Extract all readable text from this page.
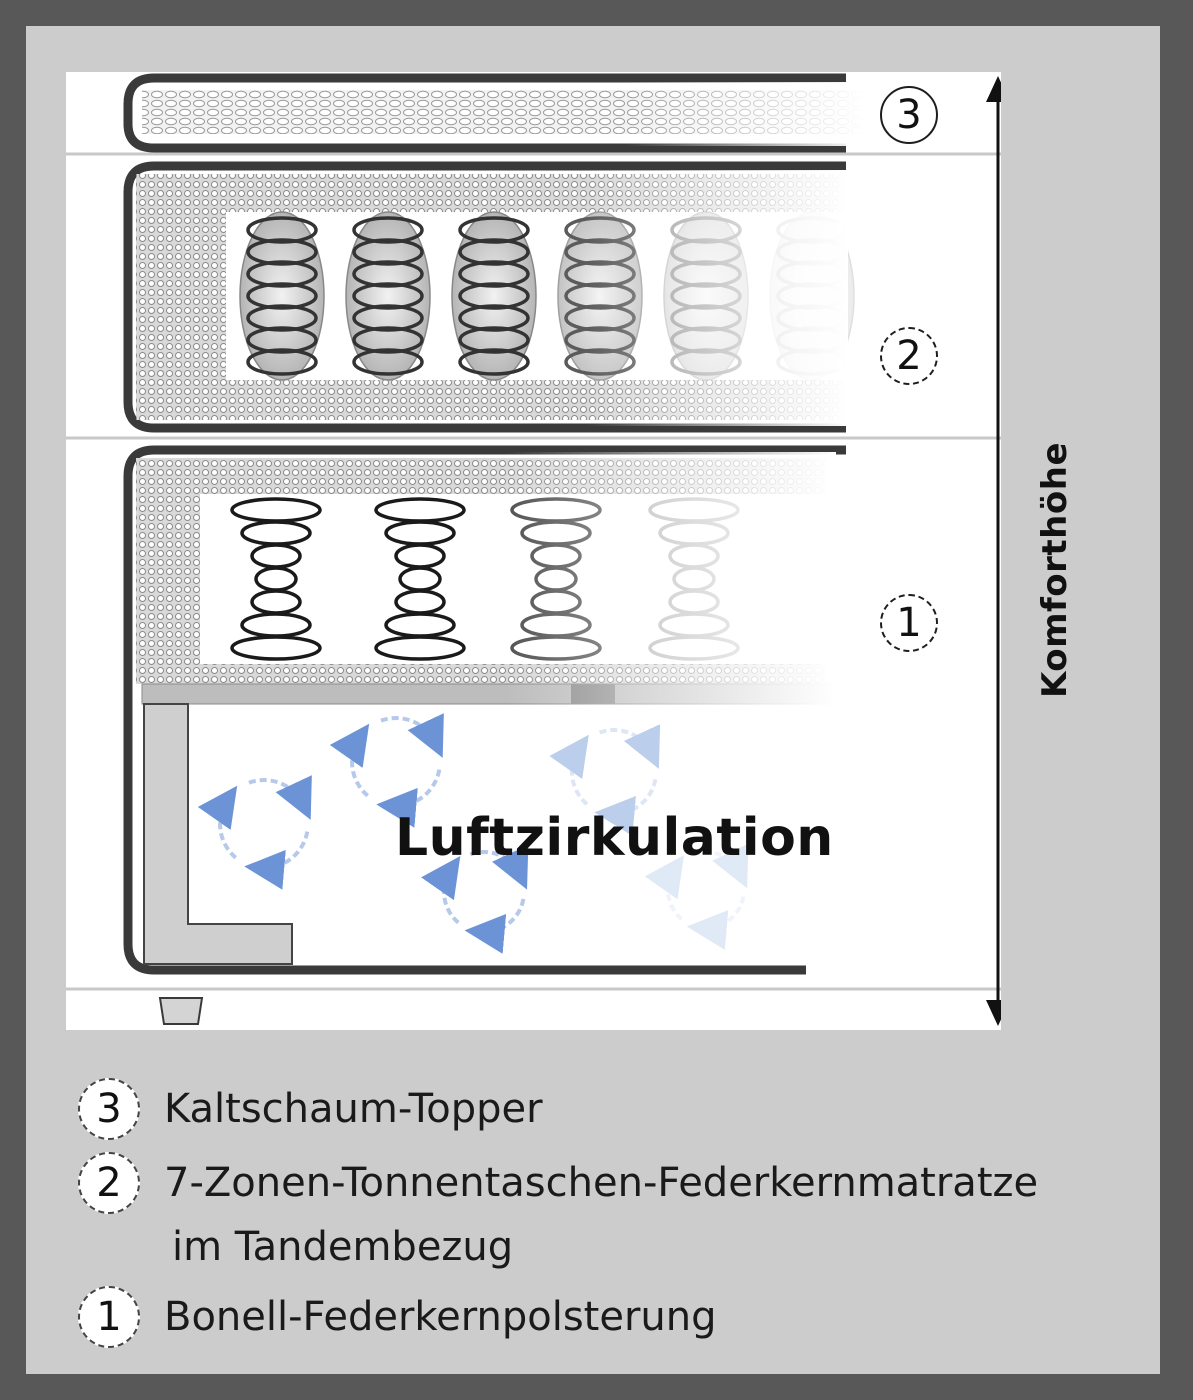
3
2
1
Luftzirkulation
Komforthöhe
3	Kaltschaum-Topper
2	7-Zonen-Tonnentaschen-Federkernmatratze
im Tandembezug
1	Bonell-Federkernpolsterung
